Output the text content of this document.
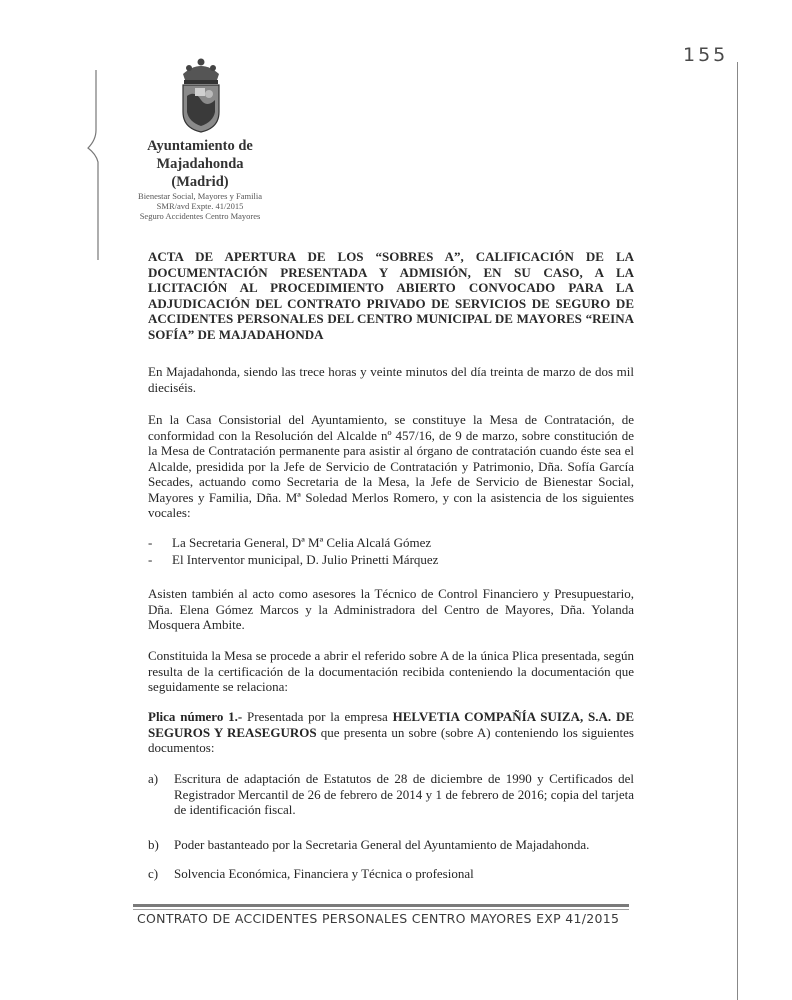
155
Ayuntamiento de
Majadahonda
(Madrid)
Bienestar Social, Mayores y Familia
SMR/avd Expte. 41/2015
Seguro Accidentes Centro Mayores
ACTA DE APERTURA DE LOS “SOBRES A”, CALIFICACIÓN DE LA DOCUMENTACIÓN PRESENTADA Y ADMISIÓN, EN SU CASO, A LA LICITACIÓN AL PROCEDIMIENTO ABIERTO CONVOCADO PARA LA ADJUDICACIÓN DEL CONTRATO PRIVADO DE SERVICIOS DE SEGURO DE ACCIDENTES PERSONALES DEL CENTRO MUNICIPAL DE MAYORES “REINA SOFÍA” DE MAJADAHONDA
En Majadahonda, siendo las trece horas y veinte minutos del día treinta de marzo de dos mil dieciséis.
En la Casa Consistorial del Ayuntamiento, se constituye la Mesa de Contratación, de conformidad con la Resolución del Alcalde nº 457/16, de 9 de marzo, sobre constitución de la Mesa de Contratación permanente para asistir al órgano de contratación cuando éste sea el Alcalde, presidida por la Jefe de Servicio de Contratación y Patrimonio, Dña. Sofía García Secades, actuando como Secretaria de la Mesa, la Jefe de Servicio de Bienestar Social, Mayores y Familia, Dña. Mª Soledad Merlos Romero, y con la asistencia de los siguientes vocales:
-	La Secretaria General, Dª Mª Celia Alcalá Gómez
-	El Interventor municipal, D. Julio Prinetti Márquez
Asisten también al acto como asesores la Técnico de Control Financiero y Presupuestario, Dña. Elena Gómez Marcos y la Administradora del Centro de Mayores, Dña. Yolanda Mosquera Ambite.
Constituida la Mesa se procede a abrir el referido sobre A de la única Plica presentada, según resulta de la certificación de la documentación recibida conteniendo la documentación que seguidamente se relaciona:
Plica número 1.- Presentada por la empresa HELVETIA COMPAÑÍA SUIZA, S.A. DE SEGUROS Y REASEGUROS que presenta un sobre (sobre A) conteniendo los siguientes documentos:
a)	Escritura de adaptación de Estatutos de 28 de diciembre de 1990 y Certificados del Registrador Mercantil de 26 de febrero de 2014 y 1 de febrero de 2016; copia del tarjeta de identificación fiscal.
b)	Poder bastanteado por la Secretaria General del Ayuntamiento de Majadahonda.
c)	Solvencia Económica, Financiera y Técnica o profesional
CONTRATO DE ACCIDENTES PERSONALES CENTRO MAYORES EXP 41/2015
